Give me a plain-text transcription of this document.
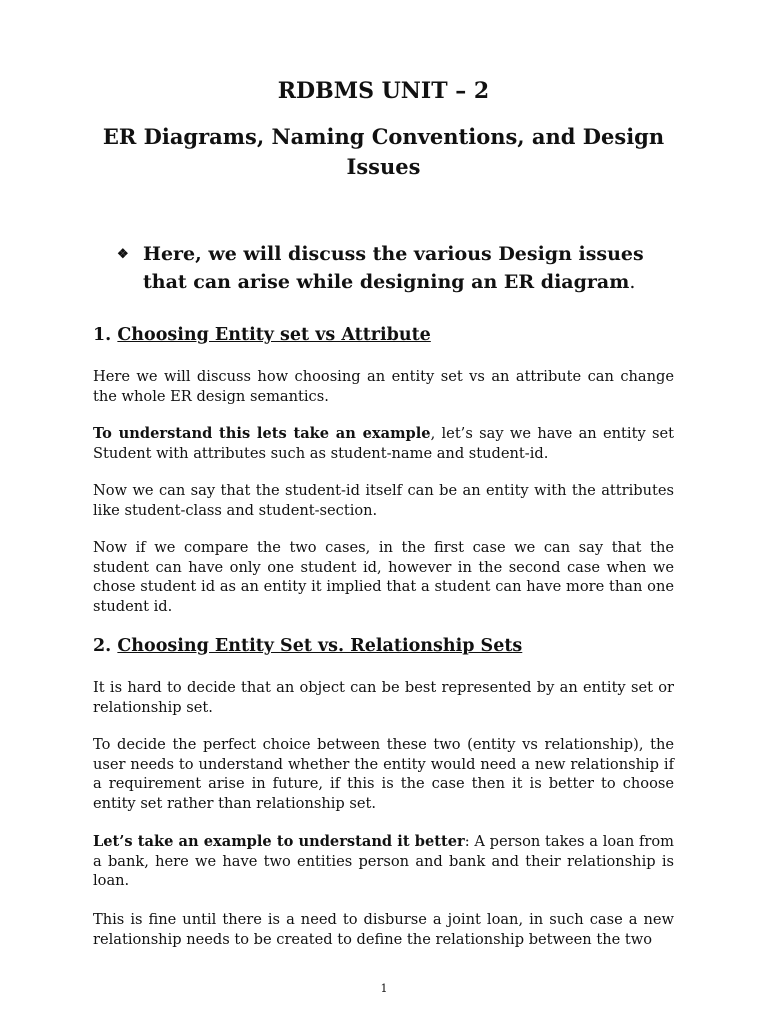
RDBMS UNIT – 2
ER Diagrams, Naming Conventions, and Design Issues
❖ Here, we will discuss the various Design issues that can arise while designing an ER diagram.
1. Choosing Entity set vs Attribute
Here we will discuss how choosing an entity set vs an attribute can change the whole ER design semantics.
To understand this lets take an example, let’s say we have an entity set Student with attributes such as student-name and student-id.
Now we can say that the student-id itself can be an entity with the attributes like student-class and student-section.
Now if we compare the two cases, in the first case we can say that the student can have only one student id, however in the second case when we chose student id as an entity it implied that a student can have more than one student id.
2. Choosing Entity Set vs. Relationship Sets
It is hard to decide that an object can be best represented by an entity set or relationship set.
To decide the perfect choice between these two (entity vs relationship), the user needs to understand whether the entity would need a new relationship if a requirement arise in future, if this is the case then it is better to choose entity set rather than relationship set.
Let’s take an example to understand it better: A person takes a loan from a bank, here we have two entities person and bank and their relationship is loan.
This is fine until there is a need to disburse a joint loan, in such case a new relationship needs to be created to define the relationship between the two
1
